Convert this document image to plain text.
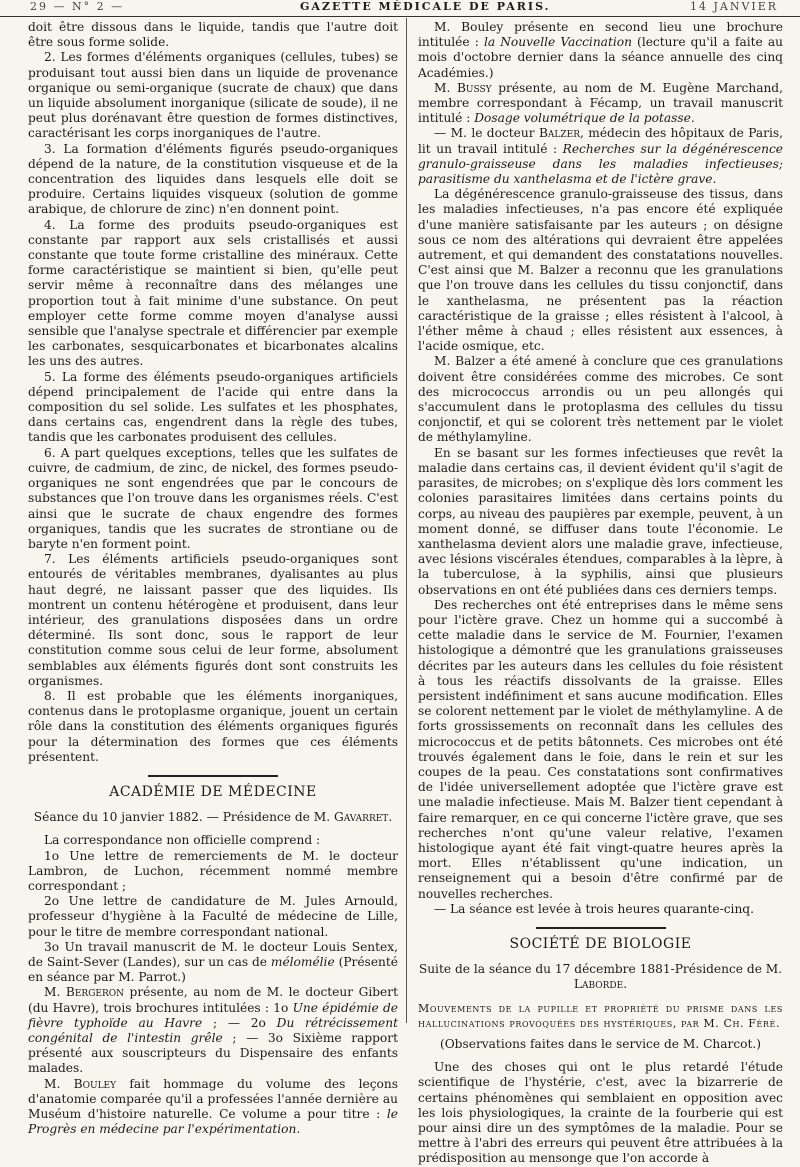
29 — N° 2 —	GAZETTE MÉDICALE DE PARIS.	14 JANVIER

doit être dissous dans le liquide, tandis que l'autre doit être sous forme solide.

2. Les formes d'éléments organiques (cellules, tubes) se produisant tout aussi bien dans un liquide de provenance organique ou semi-organique (sucrate de chaux) que dans un liquide absolument inorganique (silicate de soude), il ne peut plus dorénavant être question de formes distinctives, caractérisant les corps inorganiques de l'autre.

3. La formation d'éléments figurés pseudo-organiques dépend de la nature, de la constitution visqueuse et de la concentration des liquides dans lesquels elle doit se produire. Certains liquides visqueux (solution de gomme arabique, de chlorure de zinc) n'en donnent point.

4. La forme des produits pseudo-organiques est constante par rapport aux sels cristallisés et aussi constante que toute forme cristalline des minéraux. Cette forme caractéristique se maintient si bien, qu'elle peut servir même à reconnaître dans des mélanges une proportion tout à fait minime d'une substance. On peut employer cette forme comme moyen d'analyse aussi sensible que l'analyse spectrale et différencier par exemple les carbonates, sesquicarbonates et bicarbonates alcalins les uns des autres.

5. La forme des éléments pseudo-organiques artificiels dépend principalement de l'acide qui entre dans la composition du sel solide. Les sulfates et les phosphates, dans certains cas, engendrent dans la règle des tubes, tandis que les carbonates produisent des cellules.

6. A part quelques exceptions, telles que les sulfates de cuivre, de cadmium, de zinc, de nickel, des formes pseudo-organiques ne sont engendrées que par le concours de substances que l'on trouve dans les organismes réels. C'est ainsi que le sucrate de chaux engendre des formes organiques, tandis que les sucrates de strontiane ou de baryte n'en forment point.

7. Les éléments artificiels pseudo-organiques sont entourés de véritables membranes, dyalisantes au plus haut degré, ne laissant passer que des liquides. Ils montrent un contenu hétérogène et produisent, dans leur intérieur, des granulations disposées dans un ordre déterminé. Ils sont donc, sous le rapport de leur constitution comme sous celui de leur forme, absolument semblables aux éléments figurés dont sont construits les organismes.

8. Il est probable que les éléments inorganiques, contenus dans le protoplasme organique, jouent un certain rôle dans la constitution des éléments organiques figurés pour la détermination des formes que ces éléments présentent.

ACADÉMIE DE MÉDECINE

Séance du 10 janvier 1882. — Présidence de M. Gavarret.

La correspondance non officielle comprend :

1o Une lettre de remerciements de M. le docteur Lambron, de Luchon, récemment nommé membre correspondant ;

2o Une lettre de candidature de M. Jules Arnould, professeur d'hygiène à la Faculté de médecine de Lille, pour le titre de membre correspondant national.

3o Un travail manuscrit de M. le docteur Louis Sentex, de Saint-Sever (Landes), sur un cas de mélomélie (Présenté en séance par M. Parrot.)

M. Bergeron présente, au nom de M. le docteur Gibert (du Havre), trois brochures intitulées : 1o Une épidémie de fièvre typhoïde au Havre ; — 2o Du rétrécissement congénital de l'intestin grêle ; — 3o Sixième rapport présenté aux souscripteurs du Dispensaire des enfants malades.

M. Bouley fait hommage du volume des leçons d'anatomie comparée qu'il a professées l'année dernière au Muséum d'histoire naturelle. Ce volume a pour titre : le Progrès en médecine par l'expérimentation.

M. Bouley présente en second lieu une brochure intitulée : la Nouvelle Vaccination (lecture qu'il a faite au mois d'octobre dernier dans la séance annuelle des cinq Académies.)

M. Bussy présente, au nom de M. Eugène Marchand, membre correspondant à Fécamp, un travail manuscrit intitulé : Dosage volumétrique de la potasse.

— M. le docteur Balzer, médecin des hôpitaux de Paris, lit un travail intitulé : Recherches sur la dégénérescence granulo-graisseuse dans les maladies infectieuses; parasitisme du xanthelasma et de l'ictère grave.

La dégénérescence granulo-graisseuse des tissus, dans les maladies infectieuses, n'a pas encore été expliquée d'une manière satisfaisante par les auteurs ; on désigne sous ce nom des altérations qui devraient être appelées autrement, et qui demandent des constatations nouvelles. C'est ainsi que M. Balzer a reconnu que les granulations que l'on trouve dans les cellules du tissu conjonctif, dans le xanthelasma, ne présentent pas la réaction caractéristique de la graisse ; elles résistent à l'alcool, à l'éther même à chaud ; elles résistent aux essences, à l'acide osmique, etc.

M. Balzer a été amené à conclure que ces granulations doivent être considérées comme des microbes. Ce sont des micrococcus arrondis ou un peu allongés qui s'accumulent dans le protoplasma des cellules du tissu conjonctif, et qui se colorent très nettement par le violet de méthylamyline.

En se basant sur les formes infectieuses que revêt la maladie dans certains cas, il devient évident qu'il s'agit de parasites, de microbes; on s'explique dès lors comment les colonies parasitaires limitées dans certains points du corps, au niveau des paupières par exemple, peuvent, à un moment donné, se diffuser dans toute l'économie. Le xanthelasma devient alors une maladie grave, infectieuse, avec lésions viscérales étendues, comparables à la lèpre, à la tuberculose, à la syphilis, ainsi que plusieurs observations en ont été publiées dans ces derniers temps.

Des recherches ont été entreprises dans le même sens pour l'ictère grave. Chez un homme qui a succombé à cette maladie dans le service de M. Fournier, l'examen histologique a démontré que les granulations graisseuses décrites par les auteurs dans les cellules du foie résistent à tous les réactifs dissolvants de la graisse. Elles persistent indéfiniment et sans aucune modification. Elles se colorent nettement par le violet de méthylamyline. A de forts grossissements on reconnaît dans les cellules des micrococcus et de petits bâtonnets. Ces microbes ont été trouvés également dans le foie, dans le rein et sur les coupes de la peau. Ces constatations sont confirmatives de l'idée universellement adoptée que l'ictère grave est une maladie infectieuse. Mais M. Balzer tient cependant à faire remarquer, en ce qui concerne l'ictère grave, que ses recherches n'ont qu'une valeur relative, l'examen histologique ayant été fait vingt-quatre heures après la mort. Elles n'établissent qu'une indication, un renseignement qui a besoin d'être confirmé par de nouvelles recherches.

— La séance est levée à trois heures quarante-cinq.

SOCIÉTÉ DE BIOLOGIE

Suite de la séance du 17 décembre 1881-Présidence de M. Laborde.

Mouvements de la pupille et propriété du prisme dans les hallucinations provoquées des hystériques, par M. Ch. Féré.

(Observations faites dans le service de M. Charcot.)

Une des choses qui ont le plus retardé l'étude scientifique de l'hystérie, c'est, avec la bizarrerie de certains phénomènes qui semblaient en opposition avec les lois physiologiques, la crainte de la fourberie qui est pour ainsi dire un des symptômes de la maladie. Pour se mettre à l'abri des erreurs qui peuvent être attribuées à la prédisposition au mensonge que l'on accorde à
